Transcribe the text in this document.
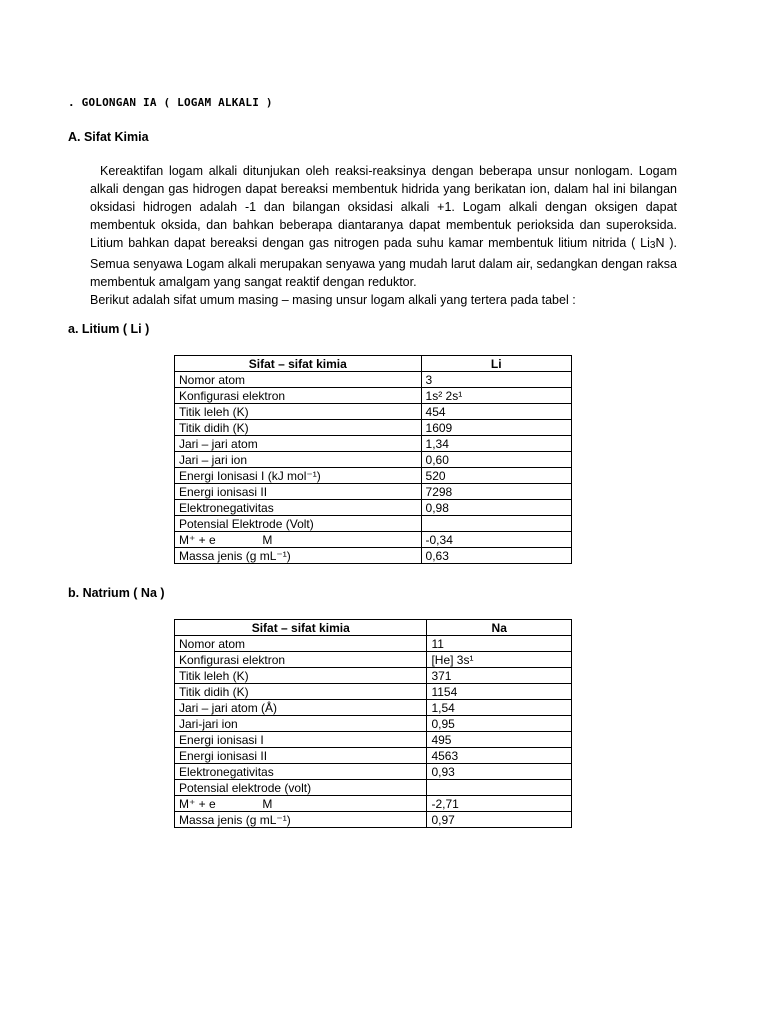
. GOLONGAN IA ( LOGAM ALKALI )
A. Sifat Kimia

Kereaktifan logam alkali ditunjukan oleh reaksi-reaksinya dengan beberapa unsur nonlogam. Logam alkali dengan gas hidrogen dapat bereaksi membentuk hidrida yang berikatan ion, dalam hal ini bilangan oksidasi hidrogen adalah -1 dan bilangan oksidasi alkali +1. Logam alkali dengan oksigen dapat membentuk oksida, dan bahkan beberapa diantaranya dapat membentuk perioksida dan superoksida. Litium bahkan dapat bereaksi dengan gas nitrogen pada suhu kamar membentuk litium nitrida ( Li3N ). Semua senyawa Logam alkali merupakan senyawa yang mudah larut dalam air, sedangkan dengan raksa membentuk amalgam yang sangat reaktif dengan reduktor.

Berikut adalah sifat umum masing – masing unsur logam alkali yang tertera pada tabel :

a. Litium ( Li )
Sifat – sifat kimia	Li
Nomor atom	3
Konfigurasi elektron	1s² 2s¹
Titik leleh (K)	454
Titik didih (K)	1609
Jari – jari atom	1,34
Jari – jari ion	0,60
Energi Ionisasi I (kJ mol⁻¹)	520
Energi ionisasi II	7298
Elektronegativitas	0,98
Potensial Elektrode (Volt)	
M⁺ + e              M	-0,34
Massa jenis (g mL⁻¹)	0,63
b. Natrium ( Na )
Sifat – sifat kimia	Na
Nomor atom	11
Konfigurasi elektron	[He] 3s¹
Titik leleh (K)	371
Titik didih (K)	1154
Jari – jari atom (Å)	1,54
Jari-jari ion	0,95
Energi ionisasi I	495
Energi ionisasi II	4563
Elektronegativitas	0,93
Potensial elektrode (volt)	
M⁺ + e              M	-2,71
Massa jenis (g mL⁻¹)	0,97
